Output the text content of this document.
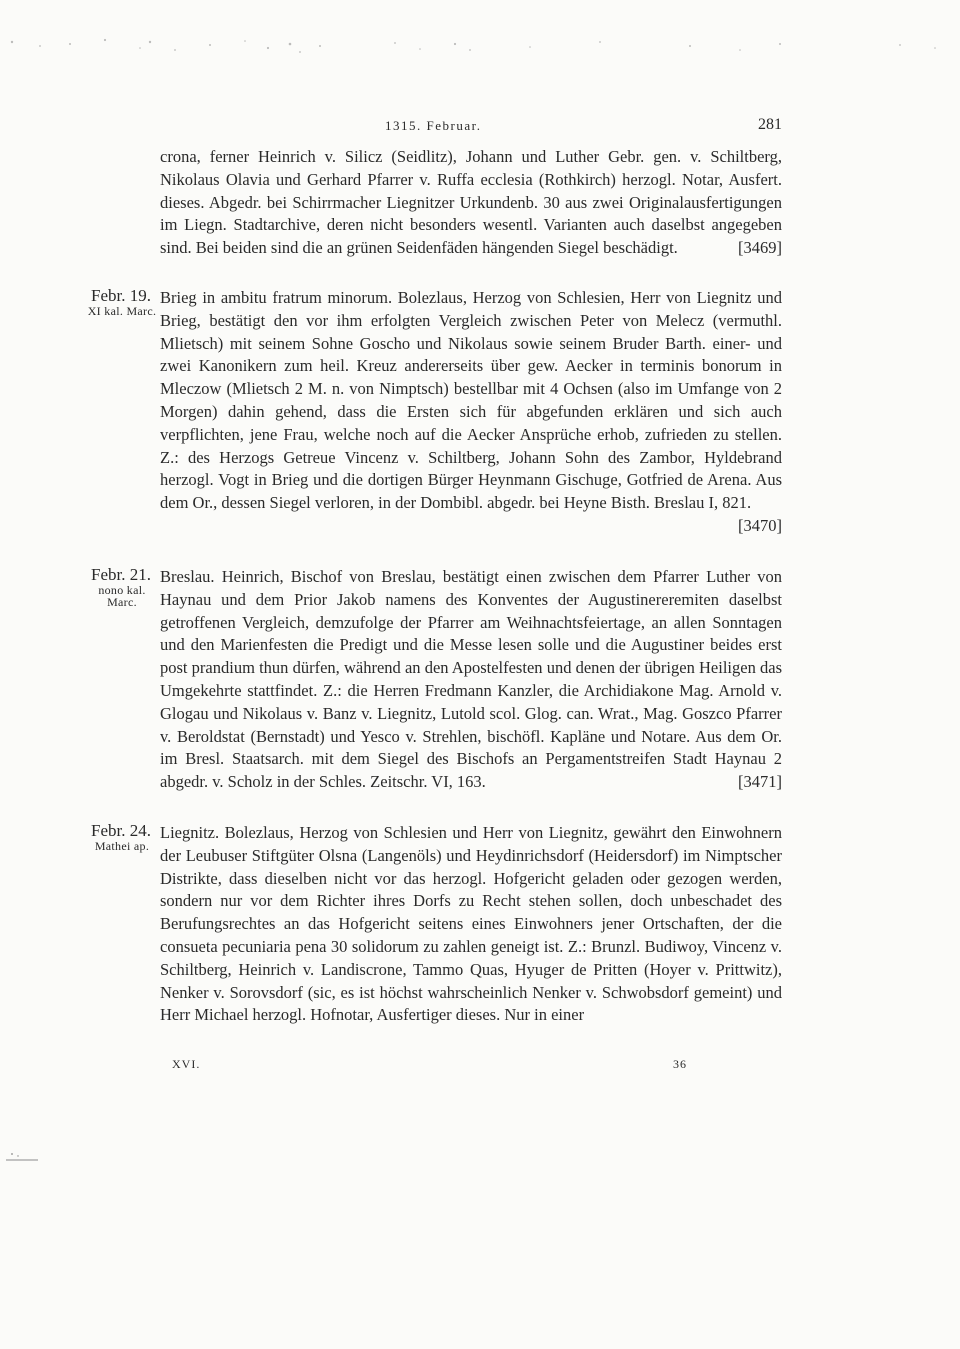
1315. Februar.	281
crona, ferner Heinrich v. Silicz (Seidlitz), Johann und Luther Gebr. gen. v. Schiltberg, Nikolaus Olavia und Gerhard Pfarrer v. Ruffa ecclesia (Rothkirch) herzogl. Notar, Ausfert. dieses. Abgedr. bei Schirrmacher Liegnitzer Urkundenb. 30 aus zwei Originalausfertigungen im Liegn. Stadtarchive, deren nicht besonders wesentl. Varianten auch daselbst angegeben sind. Bei beiden sind die an grünen Seidenfäden hängenden Siegel beschädigt.	[3469]
Febr. 19.
XI kal. Marc.
Brieg in ambitu fratrum minorum. Bolezlaus, Herzog von Schlesien, Herr von Liegnitz und Brieg, bestätigt den vor ihm erfolgten Vergleich zwischen Peter von Melecz (vermuthl. Mlietsch) mit seinem Sohne Goscho und Nikolaus sowie seinem Bruder Barth. einer- und zwei Kanonikern zum heil. Kreuz andererseits über gew. Aecker in terminis bonorum in Mleczow (Mlietsch 2 M. n. von Nimptsch) bestellbar mit 4 Ochsen (also im Umfange von 2 Morgen) dahin gehend, dass die Ersten sich für abgefunden erklären und sich auch verpflichten, jene Frau, welche noch auf die Aecker Ansprüche erhob, zufrieden zu stellen. Z.: des Herzogs Getreue Vincenz v. Schiltberg, Johann Sohn des Zambor, Hyldebrand herzogl. Vogt in Brieg und die dortigen Bürger Heynmann Gischuge, Gotfried de Arena. Aus dem Or., dessen Siegel verloren, in der Dombibl. abgedr. bei Heyne Bisth. Breslau I, 821.
[3470]
Febr. 21.
nono kal. Marc.
Breslau. Heinrich, Bischof von Breslau, bestätigt einen zwischen dem Pfarrer Luther von Haynau und dem Prior Jakob namens des Konventes der Augustinereremiten daselbst getroffenen Vergleich, demzufolge der Pfarrer am Weihnachtsfeiertage, an allen Sonntagen und den Marienfesten die Predigt und die Messe lesen solle und die Augustiner beides erst post prandium thun dürfen, während an den Apostelfesten und denen der übrigen Heiligen das Umgekehrte stattfindet. Z.: die Herren Fredmann Kanzler, die Archidiakone Mag. Arnold v. Glogau und Nikolaus v. Banz v. Liegnitz, Lutold scol. Glog. can. Wrat., Mag. Goszco Pfarrer v. Beroldstat (Bernstadt) und Yesco v. Strehlen, bischöfl. Kapläne und Notare. Aus dem Or. im Bresl. Staatsarch. mit dem Siegel des Bischofs an Pergamentstreifen Stadt Haynau 2 abgedr. v. Scholz in der Schles. Zeitschr. VI, 163.	[3471]
Febr. 24.
Mathei ap.
Liegnitz. Bolezlaus, Herzog von Schlesien und Herr von Liegnitz, gewährt den Einwohnern der Leubuser Stiftgüter Olsna (Langenöls) und Heydinrichsdorf (Heidersdorf) im Nimptscher Distrikte, dass dieselben nicht vor das herzogl. Hofgericht geladen oder gezogen werden, sondern nur vor dem Richter ihres Dorfs zu Recht stehen sollen, doch unbeschadet des Berufungsrechtes an das Hofgericht seitens eines Einwohners jener Ortschaften, der die consueta pecuniaria pena 30 solidorum zu zahlen geneigt ist. Z.: Brunzl. Budiwoy, Vincenz v. Schiltberg, Heinrich v. Landiscrone, Tammo Quas, Hyuger de Pritten (Hoyer v. Prittwitz), Nenker v. Sorovsdorf (sic, es ist höchst wahrscheinlich Nenker v. Schwobsdorf gemeint) und Herr Michael herzogl. Hofnotar, Ausfertiger dieses. Nur in einer
XVI.	36
